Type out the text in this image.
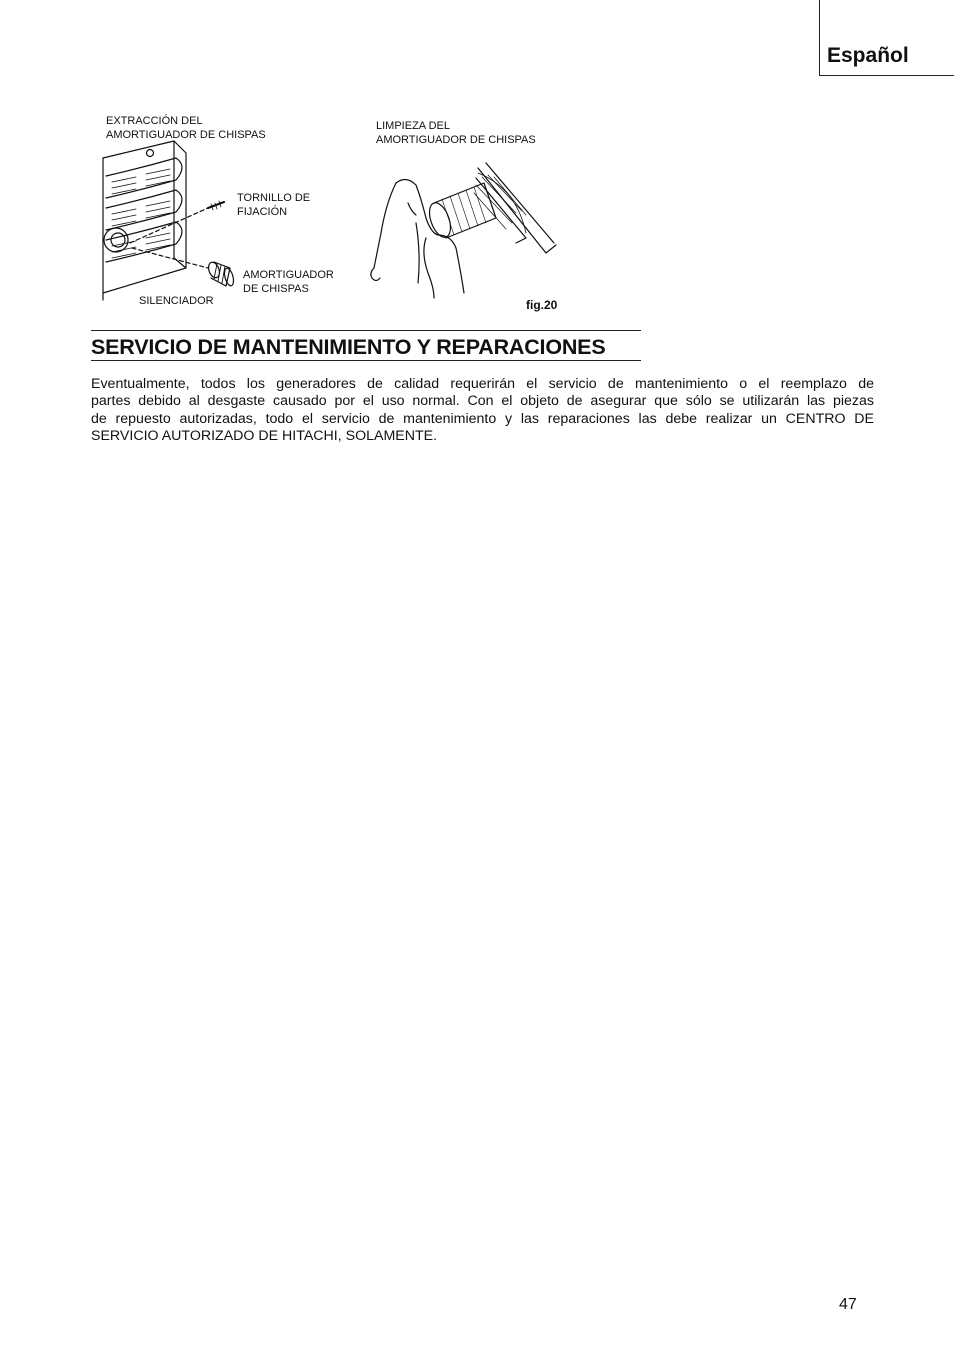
Español
EXTRACCIÓN DEL
AMORTIGUADOR DE CHISPAS
TORNILLO DE
FIJACIÓN
AMORTIGUADOR
DE CHISPAS
SILENCIADOR
LIMPIEZA DEL
AMORTIGUADOR DE CHISPAS
fig.20
SERVICIO DE MANTENIMIENTO Y REPARACIONES

Eventualmente, todos los generadores de calidad requerirán el servicio de mantenimiento o el reemplazo de
partes debido al desgaste causado por el uso normal. Con el objeto de asegurar que sólo se utilizarán las piezas
de repuesto autorizadas, todo el servicio de mantenimiento y las reparaciones las debe realizar un CENTRO DE
SERVICIO AUTORIZADO DE HITACHI, SOLAMENTE.

47
